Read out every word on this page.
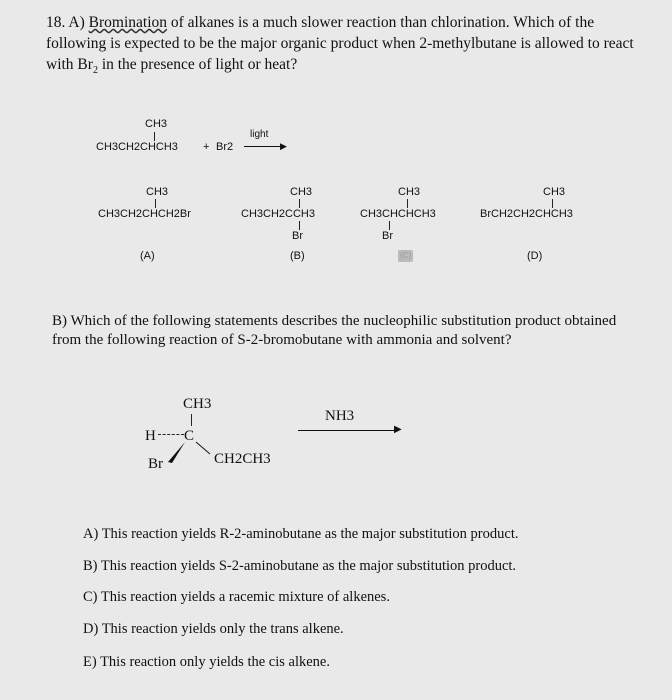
18. A) Bromination of alkanes is a much slower reaction than chlorination. Which of the following is expected to be the major organic product when 2-methylbutane is allowed to react with $Br_2$ in the presence of light or heat?
CH3
CH3CH2CHCH3 + Br2
light
▶
CH3
CH3CH2CHCH2Br
(A)
CH3
CH3CH2CCH3
Br
(B)
CH3
CH3CHCHCH3
Br
(C)
CH3
BrCH2CH2CHCH3
(D)
B) Which of the following statements describes the nucleophilic substitution product obtained from the following reaction of S-2-bromobutane with ammonia and solvent?
CH3
H C
Br	CH2CH3
NH3
▶
A) This reaction yields R-2-aminobutane as the major substitution product.
B) This reaction yields S-2-aminobutane as the major substitution product.
C) This reaction yields a racemic mixture of alkenes.
D) This reaction yields only the trans alkene.
E) This reaction only yields the cis alkene.
